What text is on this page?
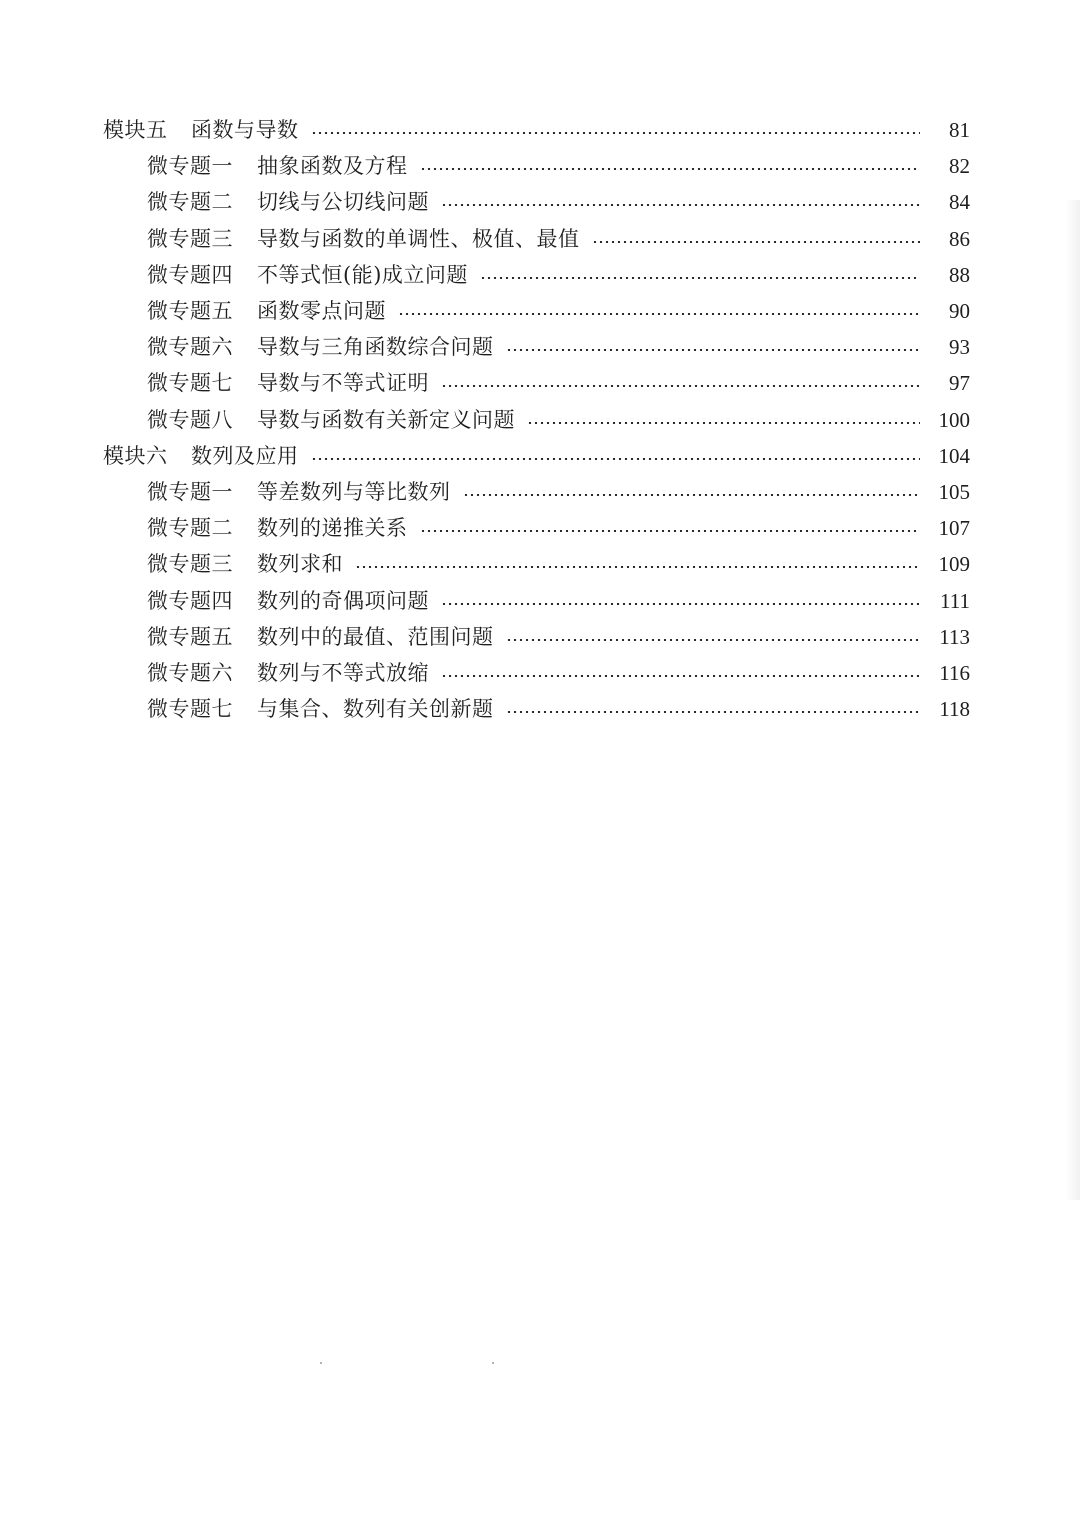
模块五	函数与导数	81
微专题一	抽象函数及方程	82
微专题二	切线与公切线问题	84
微专题三	导数与函数的单调性、极值、最值	86
微专题四	不等式恒(能)成立问题	88
微专题五	函数零点问题	90
微专题六	导数与三角函数综合问题	93
微专题七	导数与不等式证明	97
微专题八	导数与函数有关新定义问题	100
模块六	数列及应用	104
微专题一	等差数列与等比数列	105
微专题二	数列的递推关系	107
微专题三	数列求和	109
微专题四	数列的奇偶项问题	111
微专题五	数列中的最值、范围问题	113
微专题六	数列与不等式放缩	116
微专题七	与集合、数列有关创新题	118
